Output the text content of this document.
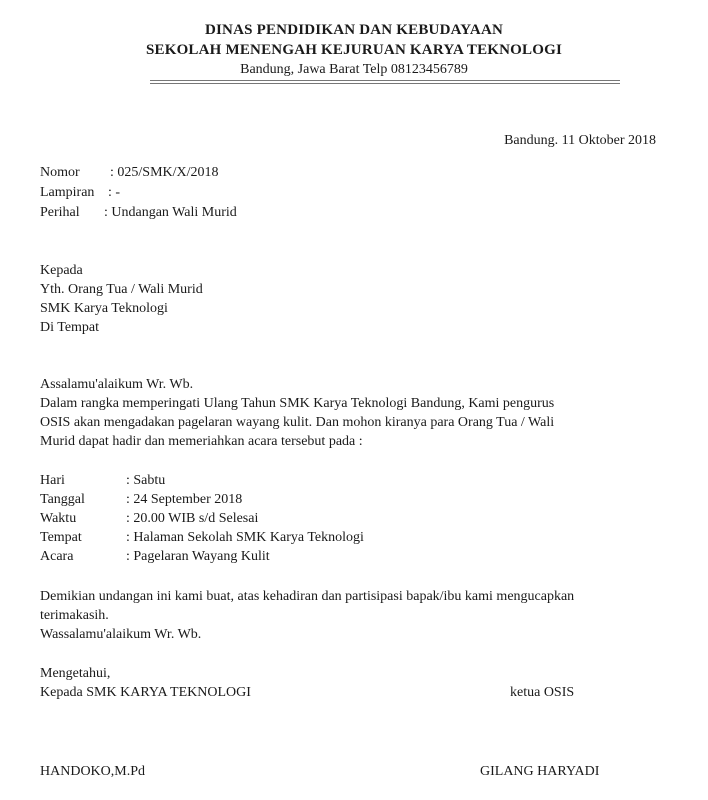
DINAS PENDIDIKAN DAN KEBUDAYAAN
SEKOLAH MENENGAH KEJURUAN KARYA TEKNOLOGI
Bandung, Jawa Barat Telp 08123456789
Bandung. 11 Oktober 2018
Nomor : 025/SMK/X/2018
Lampiran : -
Perihal : Undangan Wali Murid
Kepada
Yth. Orang Tua / Wali Murid
SMK Karya Teknologi
Di Tempat
Assalamu'alaikum Wr. Wb.
Dalam rangka memperingati Ulang Tahun SMK Karya Teknologi Bandung, Kami pengurus
OSIS akan mengadakan pagelaran wayang kulit. Dan mohon kiranya para Orang Tua / Wali
Murid dapat hadir dan memeriahkan acara tersebut pada :
Hari	: Sabtu
Tanggal	: 24 September 2018
Waktu	: 20.00 WIB s/d Selesai
Tempat	: Halaman Sekolah SMK Karya Teknologi
Acara	: Pagelaran Wayang Kulit
Demikian undangan ini kami buat, atas kehadiran dan partisipasi bapak/ibu kami mengucapkan
terimakasih.
Wassalamu'alaikum Wr. Wb.
Mengetahui,
Kepada SMK KARYA TEKNOLOGI	ketua OSIS
HANDOKO,M.Pd	GILANG HARYADI
